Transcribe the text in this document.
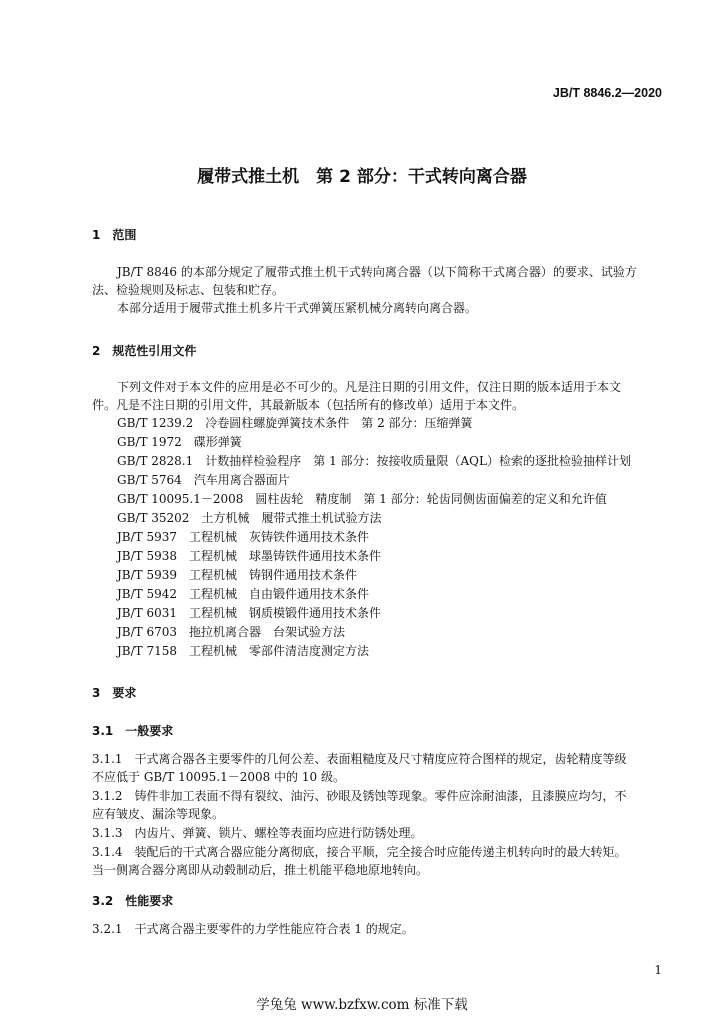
JB/T 8846.2—2020
履带式推土机　第 2 部分：干式转向离合器
1　范围
JB/T 8846 的本部分规定了履带式推土机干式转向离合器（以下简称干式离合器）的要求、试验方
法、检验规则及标志、包装和贮存。
本部分适用于履带式推土机多片干式弹簧压紧机械分离转向离合器。
2　规范性引用文件
下列文件对于本文件的应用是必不可少的。凡是注日期的引用文件，仅注日期的版本适用于本文
件。凡是不注日期的引用文件，其最新版本（包括所有的修改单）适用于本文件。
GB/T 1239.2　冷卷圆柱螺旋弹簧技术条件　第 2 部分：压缩弹簧
GB/T 1972　碟形弹簧
GB/T 2828.1　计数抽样检验程序　第 1 部分：按接收质量限（AQL）检索的逐批检验抽样计划
GB/T 5764　汽车用离合器面片
GB/T 10095.1－2008　圆柱齿轮　精度制　第 1 部分：轮齿同侧齿面偏差的定义和允许值
GB/T 35202　土方机械　履带式推土机试验方法
JB/T 5937　工程机械　灰铸铁件通用技术条件
JB/T 5938　工程机械　球墨铸铁件通用技术条件
JB/T 5939　工程机械　铸钢件通用技术条件
JB/T 5942　工程机械　自由锻件通用技术条件
JB/T 6031　工程机械　钢质模锻件通用技术条件
JB/T 6703　拖拉机离合器　台架试验方法
JB/T 7158　工程机械　零部件清洁度测定方法
3　要求
3.1　一般要求
3.1.1　干式离合器各主要零件的几何公差、表面粗糙度及尺寸精度应符合图样的规定，齿轮精度等级
不应低于 GB/T 10095.1－2008 中的 10 级。
3.1.2　铸件非加工表面不得有裂纹、油污、砂眼及锈蚀等现象。零件应涂耐油漆，且漆膜应均匀，不
应有皱皮、漏涂等现象。
3.1.3　内齿片、弹簧、锁片、螺栓等表面均应进行防锈处理。
3.1.4　装配后的干式离合器应能分离彻底，接合平顺，完全接合时应能传递主机转向时的最大转矩。
当一侧离合器分离即从动毂制动后，推土机能平稳地原地转向。
3.2　性能要求
3.2.1　干式离合器主要零件的力学性能应符合表 1 的规定。
1
学兔兔 www.bzfxw.com 标准下载
